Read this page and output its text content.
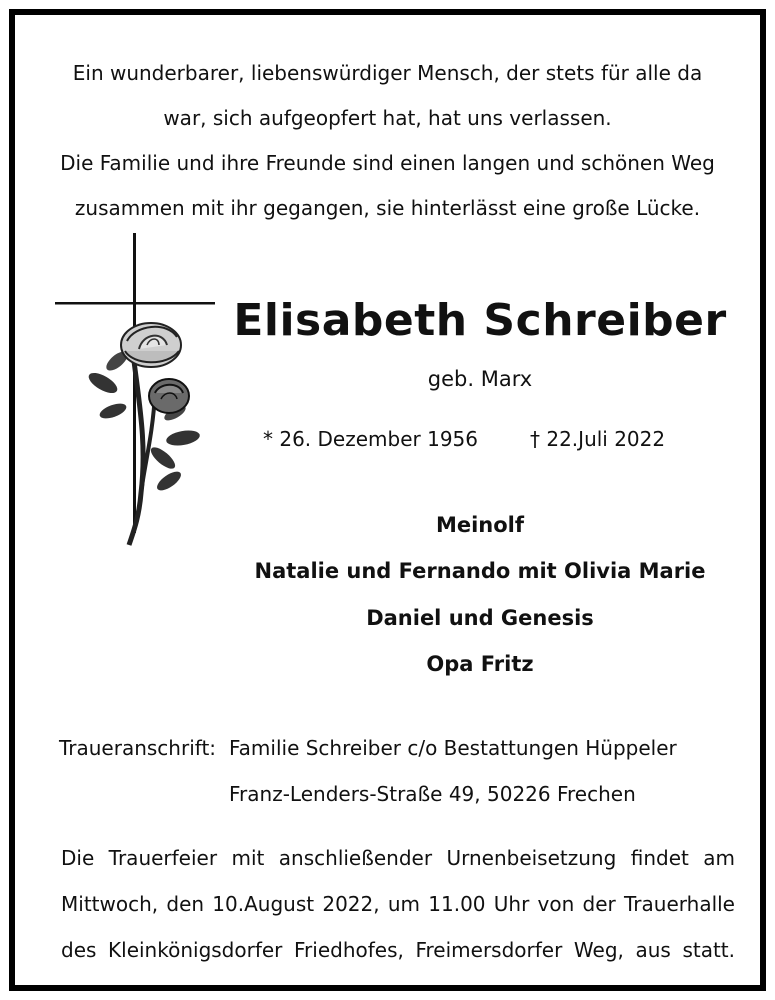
Ein wunderbarer, liebenswürdiger Mensch, der stets für alle da
war, sich aufgeopfert hat, hat uns verlassen.
Die Familie und ihre Freunde sind einen langen und schönen Weg
zusammen mit ihr gegangen, sie hinterlässt eine große Lücke.
Elisabeth Schreiber
geb. Marx
* 26. Dezember 1956	† 22.Juli 2022
Meinolf
Natalie und Fernando mit Olivia Marie
Daniel und Genesis
Opa Fritz
Traueranschrift: Familie Schreiber c/o Bestattungen Hüppeler
Franz-Lenders-Straße 49, 50226 Frechen
Die Trauerfeier mit anschließender Urnenbeisetzung findet am
Mittwoch, den 10.August 2022, um 11.00 Uhr von der Trauerhalle
des Kleinkönigsdorfer Friedhofes, Freimersdorfer Weg, aus statt.
